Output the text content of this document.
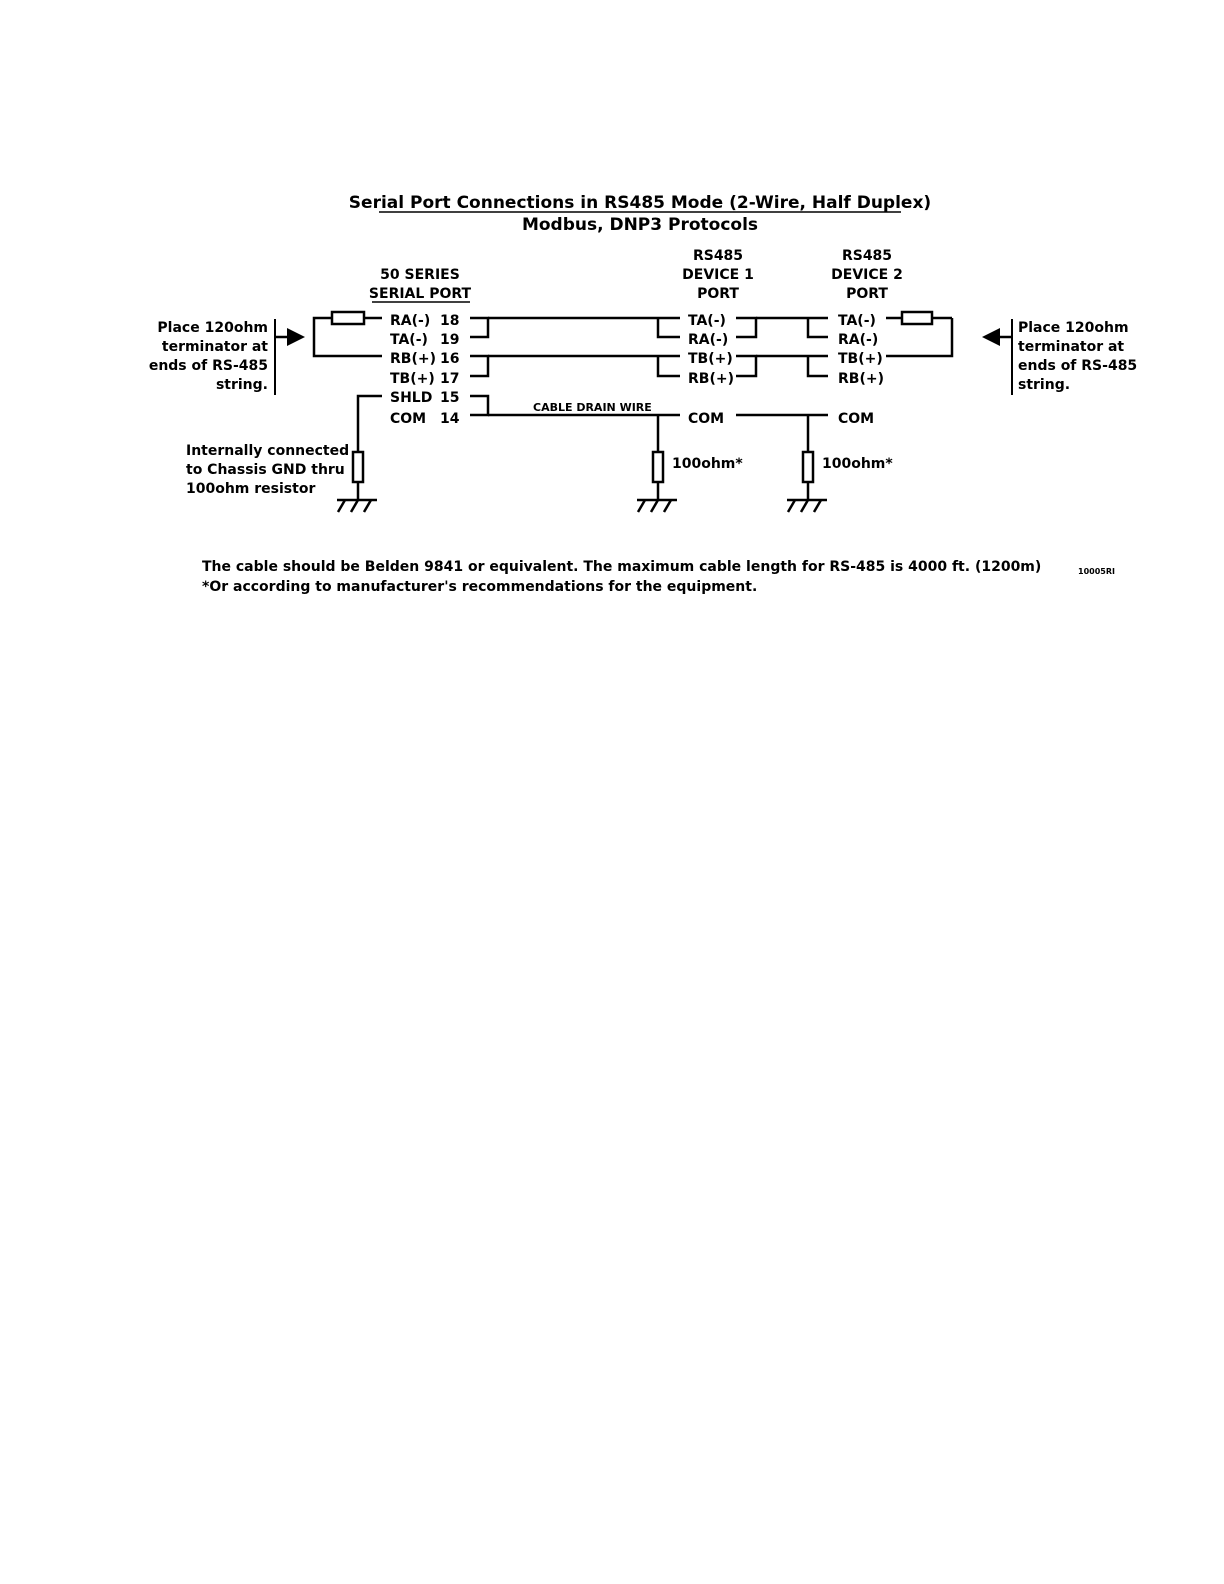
Serial Port Connections in RS485 Mode (2-Wire, Half Duplex)
Modbus, DNP3 Protocols
50 SERIES
SERIAL PORT
RS485
DEVICE 1
PORT
RS485
DEVICE 2
PORT
RA(-) 18
TA(-) 19
RB(+) 16
TB(+) 17
SHLD 15
COM 14
TA(-)
RA(-)
TB(+)
RB(+)
COM
TA(-)
RA(-)
TB(+)
RB(+)
COM
CABLE DRAIN WIRE
100ohm*	100ohm*
Place 120ohm
terminator at
ends of RS-485
string.
Place 120ohm
terminator at
ends of RS-485
string.
Internally connected
to Chassis GND thru
100ohm resistor
The cable should be Belden 9841 or equivalent. The maximum cable length for RS-485 is 4000 ft. (1200m)
*Or according to manufacturer's recommendations for the equipment.
10005RI
